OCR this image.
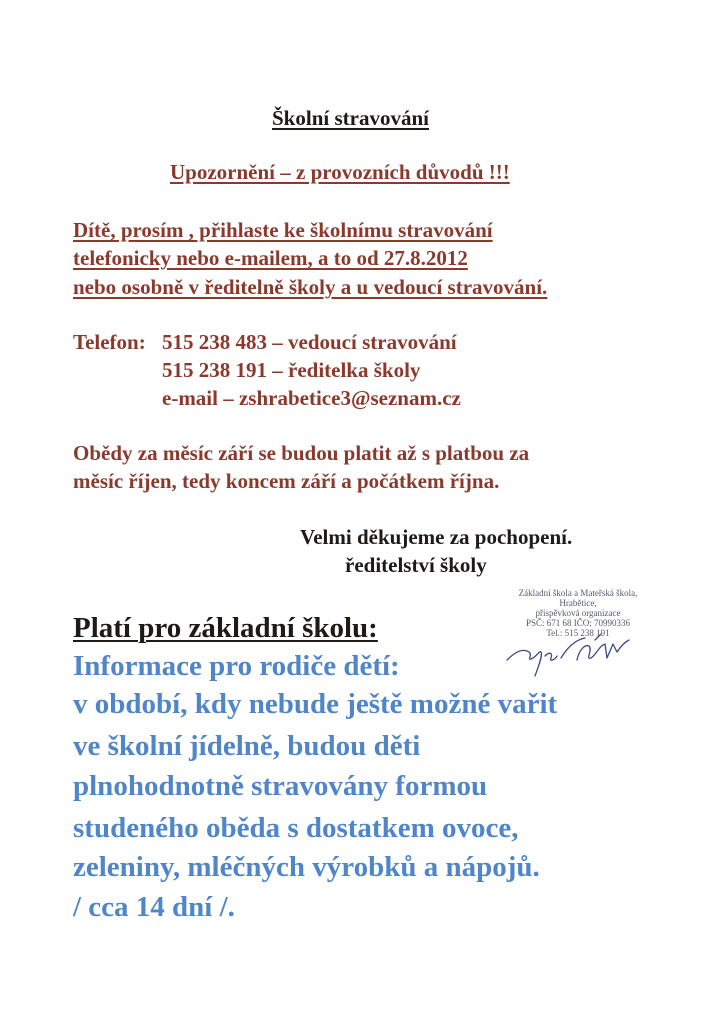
Školní stravování

Upozornění – z provozních důvodů !!!

Dítě, prosím , přihlaste ke školnímu stravování

telefonicky nebo e-mailem, a to od 27.8.2012

nebo osobně v ředitelně školy a u vedoucí stravování.

Telefon: 515 238 483 – vedoucí stravování

515 238 191 – ředitelka školy

e-mail – zshrabetice3@seznam.cz

Obědy za měsíc září se budou platit až s platbou za

měsíc říjen, tedy koncem září a počátkem října.

Velmi děkujeme za pochopení.

ředitelství školy

Základní škola a Mateřská škola,
Hrabětice,
příspěvková organizace
PSČ: 671 68 IČO: 70990336
Tel.: 515 238 191

Platí pro základní školu:

Informace pro rodiče dětí:

v období, kdy nebude ještě možné vařit

ve školní jídelně, budou děti

plnohodnotně stravovány formou

studeného oběda s dostatkem ovoce,

zeleniny, mléčných výrobků a nápojů.

/ cca 14 dní /.
